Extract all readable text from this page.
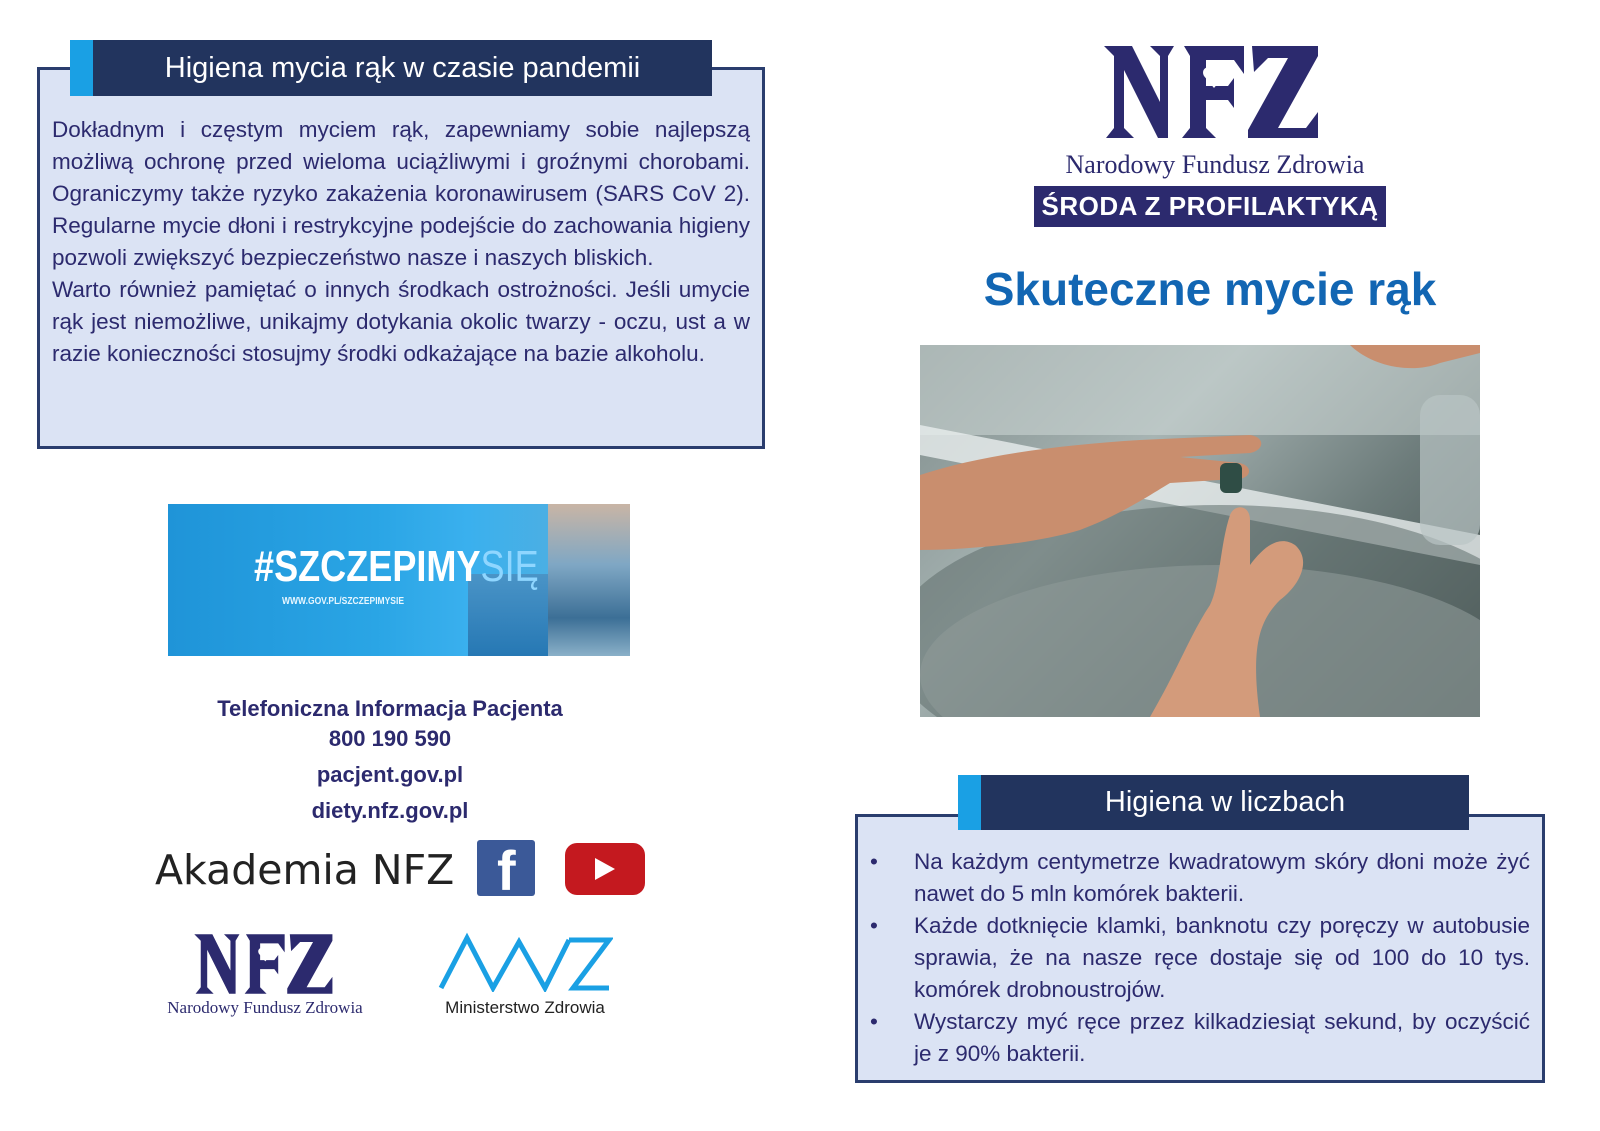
Higiena mycia rąk w czasie pandemii

Dokładnym i częstym myciem rąk, zapewniamy sobie najlepszą możliwą ochronę przed wieloma uciążliwymi i groźnymi chorobami. Ograniczymy także ryzyko zakażenia koronawirusem (SARS CoV 2). Regularne mycie dłoni i restrykcyjne podejście do zachowania higieny pozwoli zwiększyć bezpieczeństwo nasze i naszych bliskich.

Warto również pamiętać o innych środkach ostrożności. Jeśli umycie rąk jest niemożliwe, unikajmy dotykania okolic twarzy - oczu, ust a w razie konieczności stosujmy środki odkażające na bazie alkoholu.

Narodowy Fundusz Zdrowia
ŚRODA Z PROFILAKTYKĄ
Skuteczne mycie rąk
#SZCZEPIMYSIĘ
WWW.GOV.PL/SZCZEPIMYSIE
Telefoniczna Informacja Pacjenta
800 190 590
pacjent.gov.pl
diety.nfz.gov.pl
Akademia NFZ f
Narodowy Fundusz Zdrowia	Ministerstwo Zdrowia
Higiena w liczbach
• Na każdym centymetrze kwadratowym skóry dłoni może żyć nawet do 5 mln komórek bakterii.
• Każde dotknięcie klamki, banknotu czy poręczy w autobusie sprawia, że na nasze ręce dostaje się od 100 do 10 tys. komórek drobnoustrojów.
• Wystarczy myć ręce przez kilkadziesiąt sekund, by oczyścić je z 90% bakterii.
